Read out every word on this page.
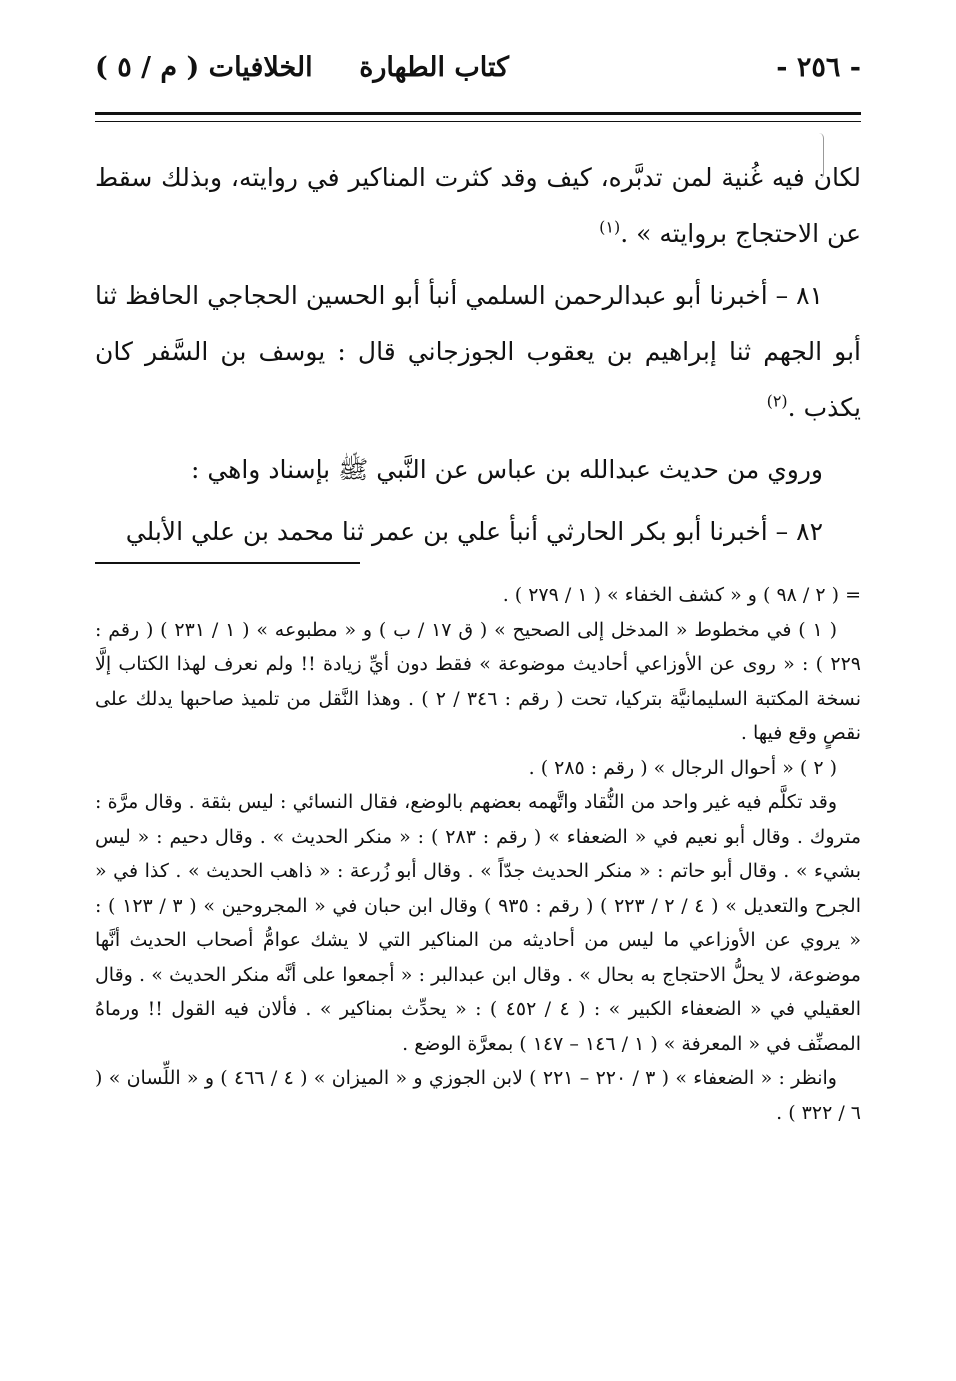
- ٢٥٦ -
كتاب الطهارة
الخلافيات ( م / ٥ )

لكان فيه غُنية لمن تدبَّره، كيف وقد كثرت المناكير في روايته، وبذلك سقط عن الاحتجاج بروايته » .$^{(١)}$

٨١ – أخبرنا أبو عبدالرحمن السلمي أنبأ أبو الحسين الحجاجي الحافظ ثنا أبو الجهم ثنا إبراهيم بن يعقوب الجوزجاني قال : يوسف بن السَّفر كان يكذب .$^{(٢)}$

وروي من حديث عبدالله بن عباس عن النَّبي ﷺ بإسناد واهي :

٨٢ – أخبرنا أبو بكر الحارثي أنبأ علي بن عمر ثنا محمد بن علي الأبلي

= ( ٢ / ٩٨ ) و « كشف الخفاء » ( ١ / ٢٧٩ ) .

( ١ ) في مخطوط « المدخل إلى الصحيح » ( ق ١٧ / ب ) و « مطبوعه » ( ١ / ٢٣١ ) ( رقم : ٢٢٩ ) : « روى عن الأوزاعي أحاديث موضوعة » فقط دون أيِّ زيادة !! ولم نعرف لهذا الكتاب إلَّا نسخة المكتبة السليمانيَّة بتركيا، تحت ( رقم : ٣٤٦ / ٢ ) . وهذا النَّقل من تلميذ صاحبها يدلك على نقصٍ وقع فيها .

( ٢ ) « أحوال الرجال » ( رقم : ٢٨٥ ) .

وقد تكلَّم فيه غير واحد من النُّقاد واتَّهمه بعضهم بالوضع، فقال النسائي : ليس بثقة . وقال مرَّة : متروك . وقال أبو نعيم في « الضعفاء » ( رقم : ٢٨٣ ) : « منكر الحديث » . وقال دحيم : « ليس بشيء » . وقال أبو حاتم : « منكر الحديث جدّاً » . وقال أبو زُرعة : « ذاهب الحديث » . كذا في « الجرح والتعديل » ( ٤ / ٢ / ٢٢٣ ) ( رقم : ٩٣٥ ) وقال ابن حبان في « المجروحين » ( ٣ / ١٢٣ ) : « يروي عن الأوزاعي ما ليس من أحاديثه من المناكير التي لا يشك عوامُّ أصحاب الحديث أنَّها موضوعة، لا يحلُّ الاحتجاج به بحال » . وقال ابن عبدالبر : « أجمعوا على أنَّه منكر الحديث » . وقال العقيلي في « الضعفاء الكبير » : ( ٤ / ٤٥٢ ) : « يحدِّث بمناكير » . فألان فيه القول !! ورماهُ المصنِّف في « المعرفة » ( ١ / ١٤٦ – ١٤٧ ) بمعرَّة الوضع .

وانظر : « الضعفاء » ( ٣ / ٢٢٠ – ٢٢١ ) لابن الجوزي و « الميزان » ( ٤ / ٤٦٦ ) و « اللِّسان » ( ٦ / ٣٢٢ ) .
